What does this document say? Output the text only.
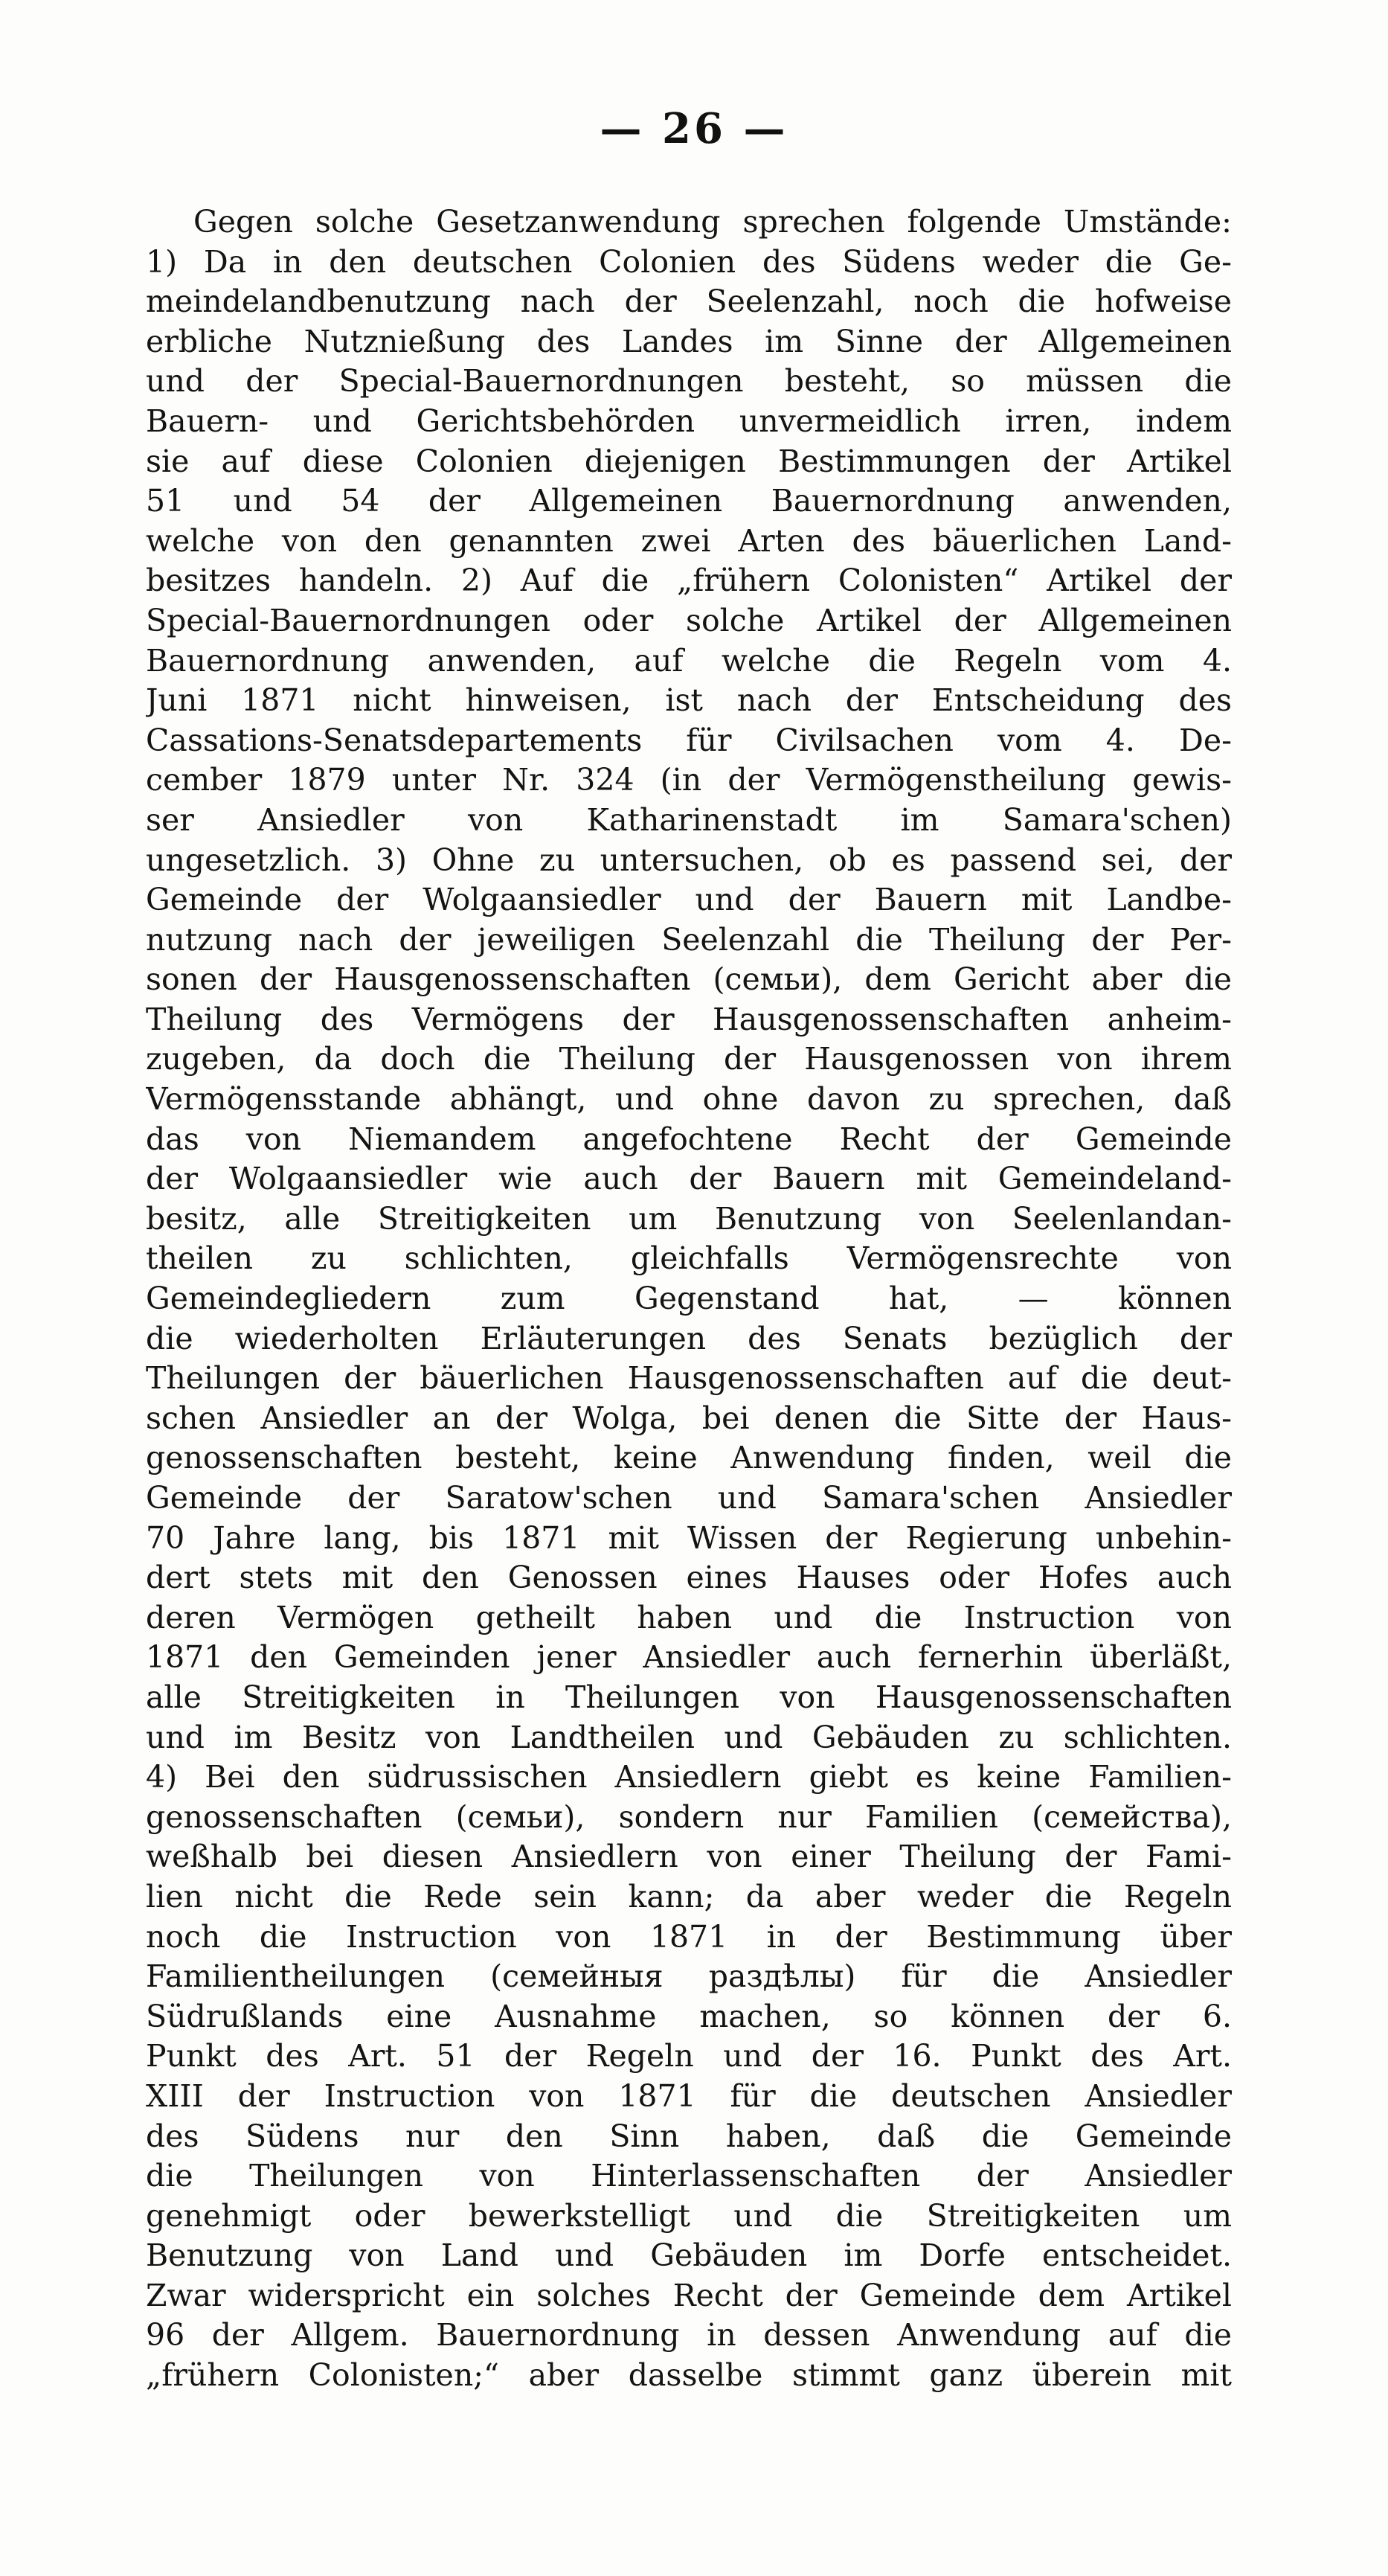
— 26 —
Gegen solche Gesetzanwendung sprechen folgende Umstände:
1) Da in den deutschen Colonien des Südens weder die Ge-
meindelandbenutzung nach der Seelenzahl, noch die hofweise
erbliche Nutznießung des Landes im Sinne der Allgemeinen
und der Special-Bauernordnungen besteht, so müssen die
Bauern- und Gerichtsbehörden unvermeidlich irren, indem
sie auf diese Colonien diejenigen Bestimmungen der Artikel
51 und 54 der Allgemeinen Bauernordnung anwenden,
welche von den genannten zwei Arten des bäuerlichen Land-
besitzes handeln. 2) Auf die „frühern Colonisten“ Artikel der
Special-Bauernordnungen oder solche Artikel der Allgemeinen
Bauernordnung anwenden, auf welche die Regeln vom 4.
Juni 1871 nicht hinweisen, ist nach der Entscheidung des
Cassations-Senatsdepartements für Civilsachen vom 4. De-
cember 1879 unter Nr. 324 (in der Vermögenstheilung gewis-
ser Ansiedler von Katharinenstadt im Samara'schen)
ungesetzlich. 3) Ohne zu untersuchen, ob es passend sei, der
Gemeinde der Wolgaansiedler und der Bauern mit Landbe-
nutzung nach der jeweiligen Seelenzahl die Theilung der Per-
sonen der Hausgenossenschaften (семьи), dem Gericht aber die
Theilung des Vermögens der Hausgenossenschaften anheim-
zugeben, da doch die Theilung der Hausgenossen von ihrem
Vermögensstande abhängt, und ohne davon zu sprechen, daß
das von Niemandem angefochtene Recht der Gemeinde
der Wolgaansiedler wie auch der Bauern mit Gemeindeland-
besitz, alle Streitigkeiten um Benutzung von Seelenlandan-
theilen zu schlichten, gleichfalls Vermögensrechte von
Gemeindegliedern zum Gegenstand hat, — können
die wiederholten Erläuterungen des Senats bezüglich der
Theilungen der bäuerlichen Hausgenossenschaften auf die deut-
schen Ansiedler an der Wolga, bei denen die Sitte der Haus-
genossenschaften besteht, keine Anwendung finden, weil die
Gemeinde der Saratow'schen und Samara'schen Ansiedler
70 Jahre lang, bis 1871 mit Wissen der Regierung unbehin-
dert stets mit den Genossen eines Hauses oder Hofes auch
deren Vermögen getheilt haben und die Instruction von
1871 den Gemeinden jener Ansiedler auch fernerhin überläßt,
alle Streitigkeiten in Theilungen von Hausgenossenschaften
und im Besitz von Landtheilen und Gebäuden zu schlichten.
4) Bei den südrussischen Ansiedlern giebt es keine Familien-
genossenschaften (семьи), sondern nur Familien (семейства),
weßhalb bei diesen Ansiedlern von einer Theilung der Fami-
lien nicht die Rede sein kann; da aber weder die Regeln
noch die Instruction von 1871 in der Bestimmung über
Familientheilungen (семейныя раздѣлы) für die Ansiedler
Südrußlands eine Ausnahme machen, so können der 6.
Punkt des Art. 51 der Regeln und der 16. Punkt des Art.
XIII der Instruction von 1871 für die deutschen Ansiedler
des Südens nur den Sinn haben, daß die Gemeinde
die Theilungen von Hinterlassenschaften der Ansiedler
genehmigt oder bewerkstelligt und die Streitigkeiten um
Benutzung von Land und Gebäuden im Dorfe entscheidet.
Zwar widerspricht ein solches Recht der Gemeinde dem Artikel
96 der Allgem. Bauernordnung in dessen Anwendung auf die
„frühern Colonisten;“ aber dasselbe stimmt ganz überein mit
